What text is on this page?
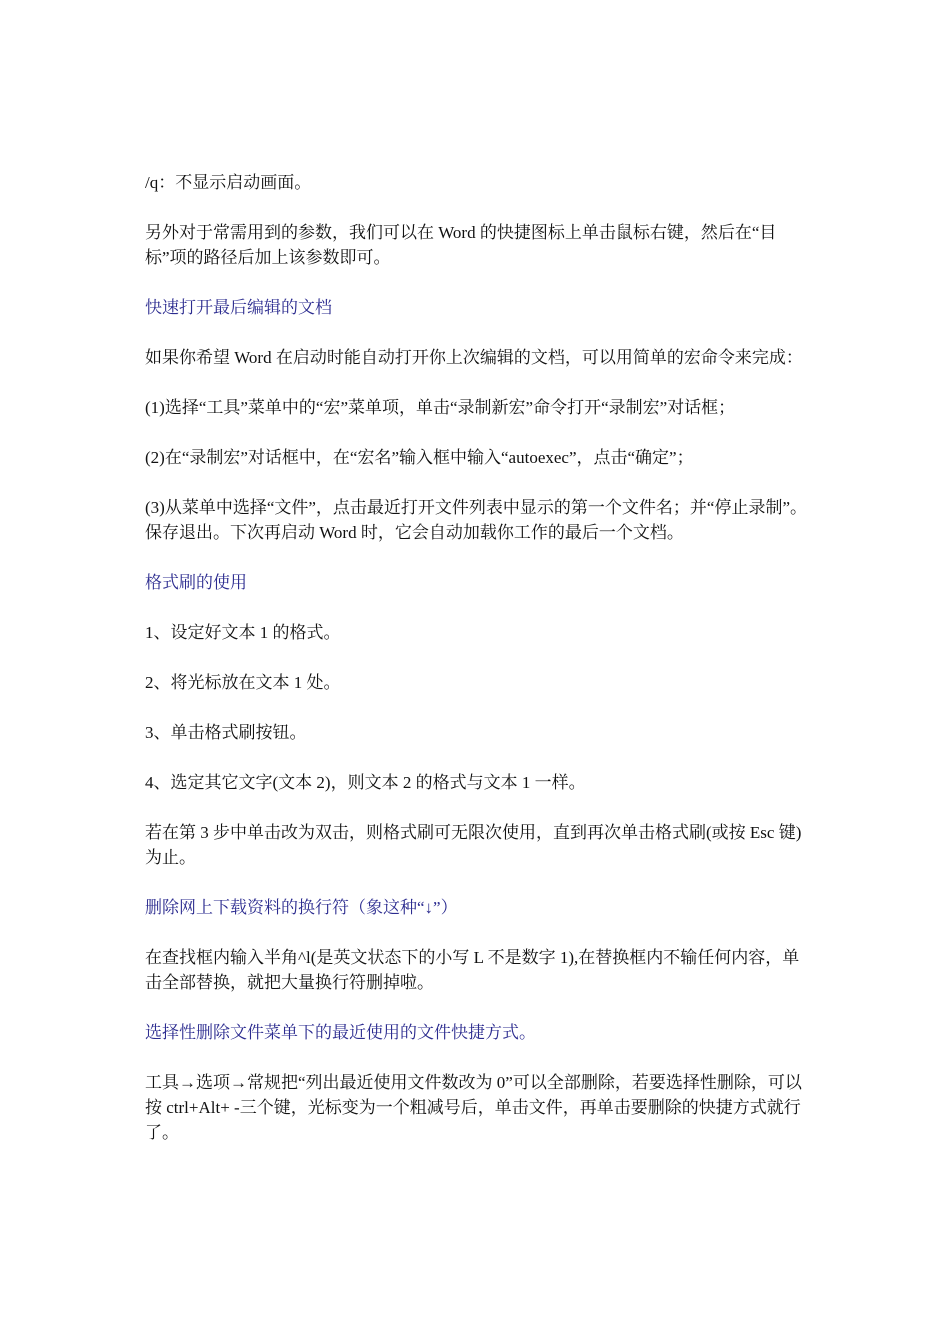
/q：不显示启动画面。

另外对于常需用到的参数，我们可以在 Word 的快捷图标上单击鼠标右键，然后在“目标”项的路径后加上该参数即可。

快速打开最后编辑的文档

如果你希望 Word 在启动时能自动打开你上次编辑的文档，可以用简单的宏命令来完成：

(1)选择“工具”菜单中的“宏”菜单项，单击“录制新宏”命令打开“录制宏”对话框；

(2)在“录制宏”对话框中，在“宏名”输入框中输入“autoexec”，点击“确定”；

(3)从菜单中选择“文件”，点击最近打开文件列表中显示的第一个文件名；并“停止录制”。保存退出。下次再启动 Word 时，它会自动加载你工作的最后一个文档。

格式刷的使用

1、设定好文本 1 的格式。

2、将光标放在文本 1 处。

3、单击格式刷按钮。

4、选定其它文字(文本 2)，则文本 2 的格式与文本 1 一样。

若在第 3 步中单击改为双击，则格式刷可无限次使用，直到再次单击格式刷(或按 Esc 键)为止。

删除网上下载资料的换行符（象这种“↓”）

在查找框内输入半角^l(是英文状态下的小写 L 不是数字 1),在替换框内不输任何内容，单击全部替换，就把大量换行符删掉啦。

选择性删除文件菜单下的最近使用的文件快捷方式。

工具→选项→常规把“列出最近使用文件数改为 0”可以全部删除，若要选择性删除，可以按 ctrl+Alt+ -三个键，光标变为一个粗减号后，单击文件，再单击要删除的快捷方式就行了。
